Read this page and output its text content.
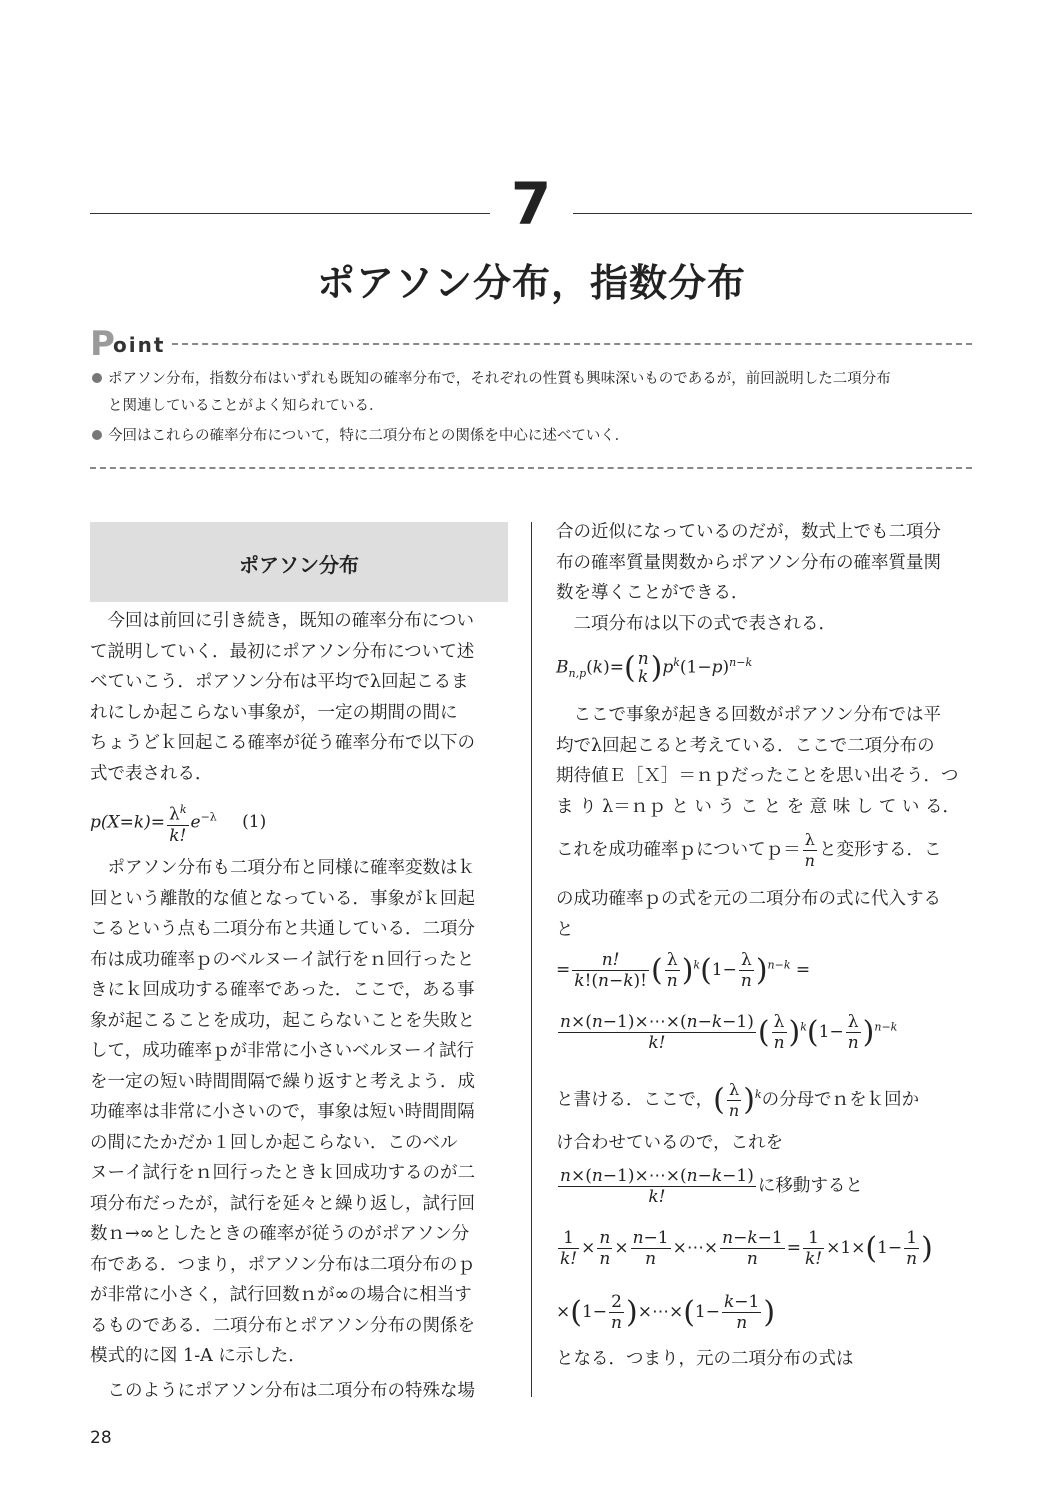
7
ポアソン分布，指数分布
P
oint
ポアソン分布，指数分布はいずれも既知の確率分布で，それぞれの性質も興味深いものであるが，前回説明した二項分布
と関連していることがよく知られている．
今回はこれらの確率分布について，特に二項分布との関係を中心に述べていく．
ポアソン分布
　今回は前回に引き続き，既知の確率分布につい
て説明していく．最初にポアソン分布について述
べていこう．ポアソン分布は平均でλ回起こるま
れにしか起こらない事象が，一定の期間の間に
ちょうどｋ回起こる確率が従う確率分布で以下の
式で表される．
$p(X=k)= \frac{\lambda^k}{k!} e^{-\lambda}$ (1)
　ポアソン分布も二項分布と同様に確率変数はｋ
回という離散的な値となっている．事象がｋ回起
こるという点も二項分布と共通している．二項分
布は成功確率ｐのベルヌーイ試行をｎ回行ったと
きにｋ回成功する確率であった．ここで，ある事
象が起こることを成功，起こらないことを失敗と
して，成功確率ｐが非常に小さいベルヌーイ試行
を一定の短い時間間隔で繰り返すと考えよう．成
功確率は非常に小さいので，事象は短い時間間隔
の間にたかだか１回しか起こらない．このベル
ヌーイ試行をｎ回行ったときｋ回成功するのが二
項分布だったが，試行を延々と繰り返し，試行回
数ｎ→∞としたときの確率が従うのがポアソン分
布である．つまり，ポアソン分布は二項分布のｐ
が非常に小さく，試行回数ｎが∞の場合に相当す
るものである．二項分布とポアソン分布の関係を
模式的に図 1-A に示した．
　このようにポアソン分布は二項分布の特殊な場
合の近似になっているのだが，数式上でも二項分
布の確率質量関数からポアソン分布の確率質量関
数を導くことができる．
　二項分布は以下の式で表される．
$B_{n,p}(k)=$( n
k )$p^k(1-p)^{n-k}$
　ここで事象が起きる回数がポアソン分布では平
均でλ回起こると考えている．ここで二項分布の
期待値Ｅ［Ｘ］＝ｎｐだったことを思い出そう．つ
ま り λ＝ｎｐ と い う こ と を 意 味 し て い る．
これを成功確率ｐについてｐ＝ $\frac{\lambda}{n}$ と変形する．こ
の成功確率ｐの式を元の二項分布の式に代入する
と
= $\frac{n!}{k!(n-k)!}$ ( $\frac{\lambda}{n} )^k(1- \frac{\lambda}{n} )^{n-k}$ =
$\frac{n\times(n-1)\times\cdots\times(n-k-1)}{k!}$ ( $\frac{\lambda}{n} )^k(1- \frac{\lambda}{n} )^{n-k}$
と書ける．ここで，( $\frac{\lambda}{n} )^k$の分母でｎをｋ回か
け合わせているので，これを
$\frac{n\times(n-1)\times\cdots\times(n-k-1)}{k!}$ に移動すると
$\frac{1}{k!} \times \frac{n}{n} \times \frac{n-1}{n}$ ×⋯× $\frac{n-k-1}{n} = \frac{1}{k!} \times 1\times(1- \frac{1}{n}$ )
$\times(1- \frac{2}{n}$ )×⋯×(1− $\frac{k-1}{n}$ )
となる．つまり，元の二項分布の式は
28
